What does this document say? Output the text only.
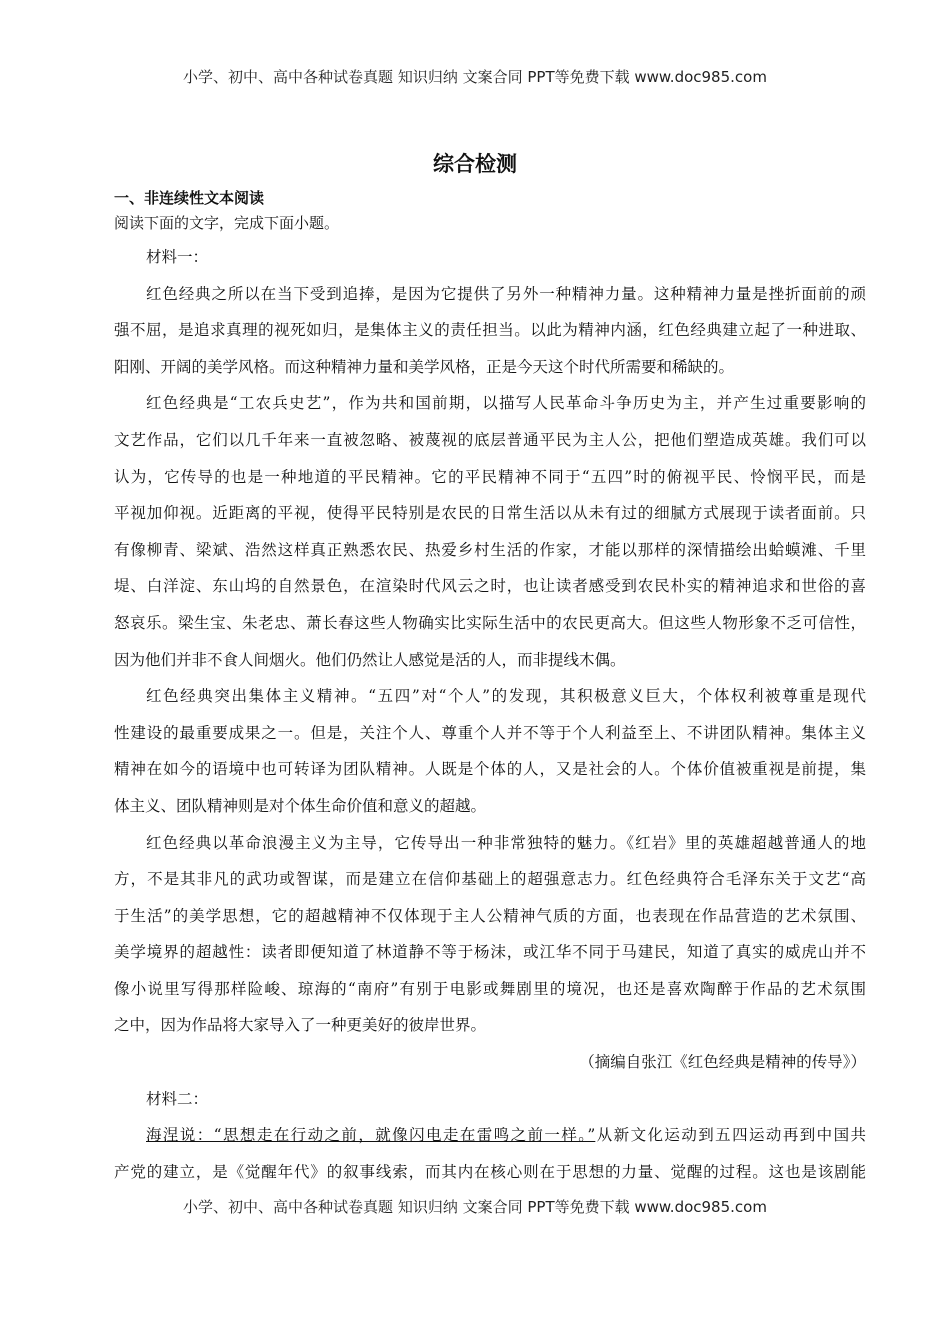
小学、初中、高中各种试卷真题 知识归纳 文案合同 PPT等免费下载 www.doc985.com
综合检测
一、非连续性文本阅读
阅读下面的文字，完成下面小题。
材料一：
红色经典之所以在当下受到追捧，是因为它提供了另外一种精神力量。这种精神力量是挫折面前的顽
强不屈，是追求真理的视死如归，是集体主义的责任担当。以此为精神内涵，红色经典建立起了一种进取、
阳刚、开阔的美学风格。而这种精神力量和美学风格，正是今天这个时代所需要和稀缺的。
红色经典是“工农兵史艺”，作为共和国前期，以描写人民革命斗争历史为主，并产生过重要影响的
文艺作品，它们以几千年来一直被忽略、被蔑视的底层普通平民为主人公，把他们塑造成英雄。我们可以
认为，它传导的也是一种地道的平民精神。它的平民精神不同于“五四”时的俯视平民、怜悯平民，而是
平视加仰视。近距离的平视，使得平民特别是农民的日常生活以从未有过的细腻方式展现于读者面前。只
有像柳青、梁斌、浩然这样真正熟悉农民、热爱乡村生活的作家，才能以那样的深情描绘出蛤蟆滩、千里
堤、白洋淀、东山坞的自然景色，在渲染时代风云之时，也让读者感受到农民朴实的精神追求和世俗的喜
怒哀乐。梁生宝、朱老忠、萧长春这些人物确实比实际生活中的农民更高大。但这些人物形象不乏可信性，
因为他们并非不食人间烟火。他们仍然让人感觉是活的人，而非提线木偶。
红色经典突出集体主义精神。“五四”对“个人”的发现，其积极意义巨大，个体权利被尊重是现代
性建设的最重要成果之一。但是，关注个人、尊重个人并不等于个人利益至上、不讲团队精神。集体主义
精神在如今的语境中也可转译为团队精神。人既是个体的人，又是社会的人。个体价值被重视是前提，集
体主义、团队精神则是对个体生命价值和意义的超越。
红色经典以革命浪漫主义为主导，它传导出一种非常独特的魅力。《红岩》里的英雄超越普通人的地
方，不是其非凡的武功或智谋，而是建立在信仰基础上的超强意志力。红色经典符合毛泽东关于文艺“高
于生活”的美学思想，它的超越精神不仅体现于主人公精神气质的方面，也表现在作品营造的艺术氛围、
美学境界的超越性：读者即便知道了林道静不等于杨沫，或江华不同于马建民，知道了真实的威虎山并不
像小说里写得那样险峻、琼海的“南府”有别于电影或舞剧里的境况，也还是喜欢陶醉于作品的艺术氛围
之中，因为作品将大家导入了一种更美好的彼岸世界。
（摘编自张江《红色经典是精神的传导》）
材料二：
海涅说：“思想走在行动之前，就像闪电走在雷鸣之前一样。”从新文化运动到五四运动再到中国共
产党的建立，是《觉醒年代》的叙事线索，而其内在核心则在于思想的力量、觉醒的过程。这也是该剧能
小学、初中、高中各种试卷真题 知识归纳 文案合同 PPT等免费下载 www.doc985.com
